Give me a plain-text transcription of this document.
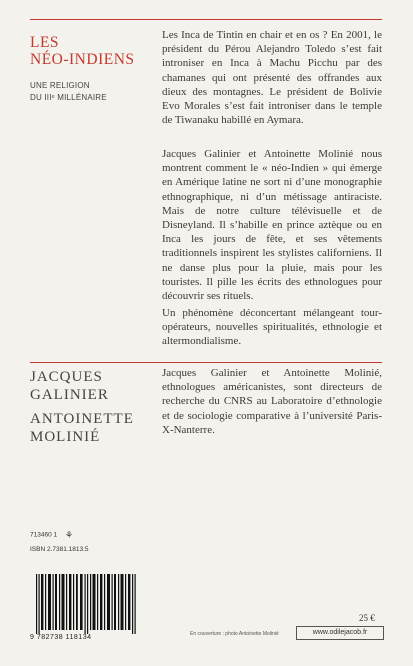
LES
NÉO-INDIENS
UNE RELIGION
DU IIIᵉ MILLÉNAIRE
Les Inca de Tintin en chair et en os ? En 2001, le président du Pérou Alejandro Toledo s’est fait introniser en Inca à Machu Picchu par des chamanes qui ont présenté des offrandes aux dieux des montagnes. Le président de Bolivie Evo Morales s’est fait introniser dans le temple de Tiwanaku habillé en Aymara.
Jacques Galinier et Antoinette Molinié nous montrent comment le « néo-Indien » qui émerge en Amérique latine ne sort ni d’une monographie ethnographique, ni d’un métissage antiraciste. Mais de notre culture télévisuelle et de Disneyland. Il s’habille en prince aztèque ou en Inca les jours de fête, et ses vêtements traditionnels inspirent les stylistes californiens. Il ne danse plus pour la pluie, mais pour les touristes. Il pille les écrits des ethnologues pour découvrir ses rituels.
Un phénomène déconcertant mélangeant tour-opérateurs, nouvelles spiritualités, ethnologie et altermondialisme.
JACQUES
GALINIER
ANTOINETTE
MOLINIÉ
Jacques Galinier et Antoinette Molinié, ethnologues américanistes, sont directeurs de recherche du CNRS au Laboratoire d’ethnologie et de sociologie comparative à l’université Paris-X-Nanterre.
713460 1 ⚘
ISBN 2.7381.1813.5
9 782738 118134	En couverture : photo Antoinette Molinié
25 €
www.odilejacob.fr
